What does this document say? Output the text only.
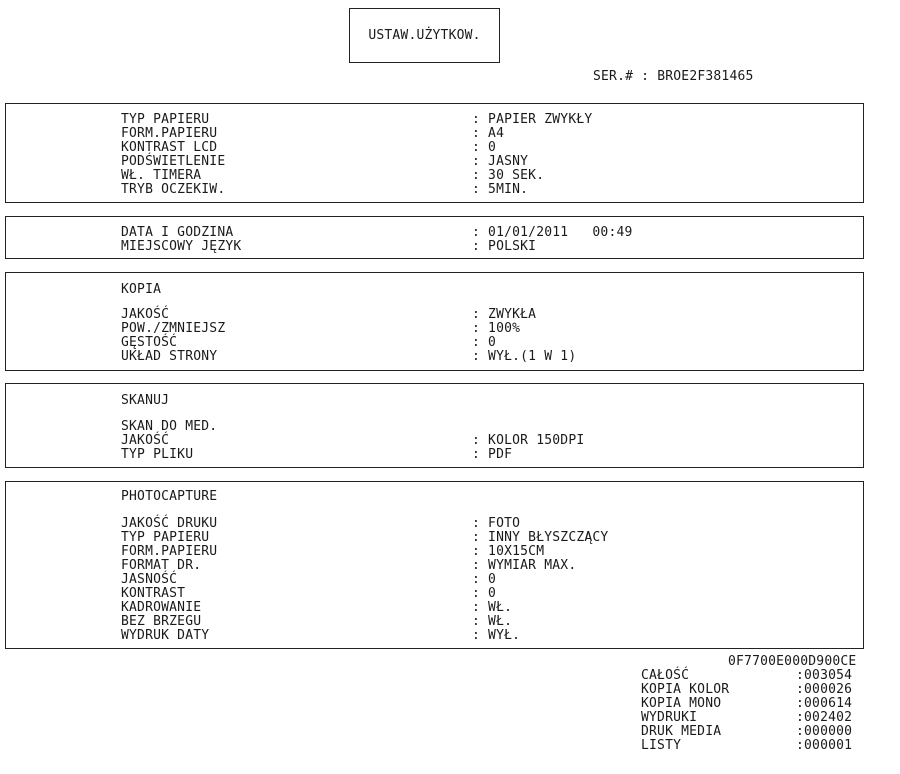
USTAW.UŻYTKOW.
SER.# : BROE2F381465
TYP PAPIERU	: PAPIER ZWYKŁY
FORM.PAPIERU	: A4
KONTRAST LCD	: 0
PODŚWIETLENIE	: JASNY
WŁ. TIMERA	: 30 SEK.
TRYB OCZEKIW.	: 5MIN.
DATA I GODZINA	: 01/01/2011   00:49
MIEJSCOWY JĘZYK	: POLSKI
KOPIA
JAKOŚĆ	: ZWYKŁA
POW./ZMNIEJSZ	: 100%
GĘSTOŚĆ	: 0
UKŁAD STRONY	: WYŁ.(1 W 1)
SKANUJ
SKAN DO MED.
JAKOŚĆ	: KOLOR 150DPI
TYP PLIKU	: PDF
PHOTOCAPTURE
JAKOŚĆ DRUKU	: FOTO
TYP PAPIERU	: INNY BŁYSZCZĄCY
FORM.PAPIERU	: 10X15CM
FORMAT DR.	: WYMIAR MAX.
JASNOŚĆ	: 0
KONTRAST	: 0
KADROWANIE	: WŁ.
BEZ BRZEGU	: WŁ.
WYDRUK DATY	: WYŁ.
0F7700E000D900CE
CAŁOŚĆ	:003054
KOPIA KOLOR	:000026
KOPIA MONO	:000614
WYDRUKI	:002402
DRUK MEDIA	:000000
LISTY	:000001
